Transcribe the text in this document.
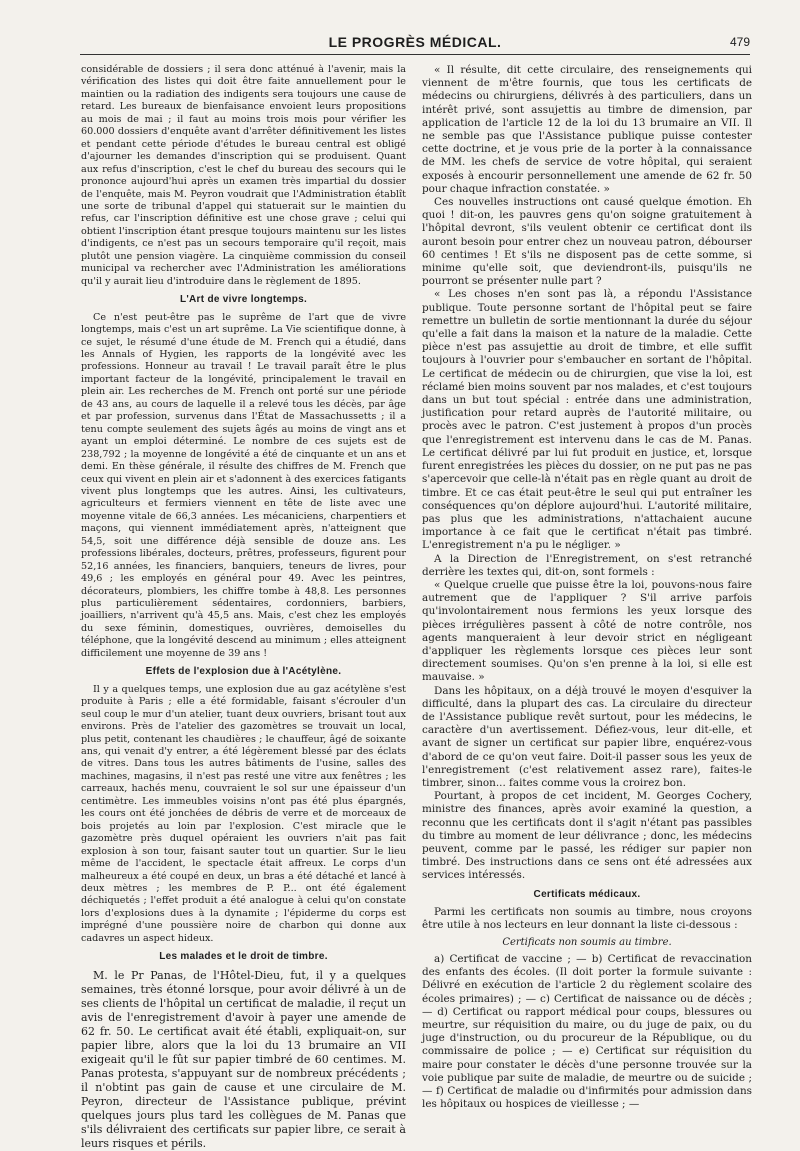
LE PROGRÈS MÉDICAL.	479

considérable de dossiers ; il sera donc atténué à l'avenir, mais la vérification des listes qui doit être faite annuellement pour le maintien ou la radiation des indigents sera toujours une cause de retard. Les bureaux de bienfaisance envoient leurs propositions au mois de mai ; il faut au moins trois mois pour vérifier les 60.000 dossiers d'enquête avant d'arrêter définitivement les listes et pendant cette période d'études le bureau central est obligé d'ajourner les demandes d'inscription qui se produisent. Quant aux refus d'inscription, c'est le chef du bureau des secours qui le prononce aujourd'hui après un examen très impartial du dossier de l'enquête, mais M. Peyron voudrait que l'Administration établît une sorte de tribunal d'appel qui statuerait sur le maintien du refus, car l'inscription définitive est une chose grave ; celui qui obtient l'inscription étant presque toujours maintenu sur les listes d'indigents, ce n'est pas un secours temporaire qu'il reçoit, mais plutôt une pension viagère. La cinquième commission du conseil municipal va rechercher avec l'Administration les améliorations qu'il y aurait lieu d'introduire dans le règlement de 1895.

L'Art de vivre longtemps.

Ce n'est peut-être pas le suprême de l'art que de vivre longtemps, mais c'est un art suprême. La Vie scientifique donne, à ce sujet, le résumé d'une étude de M. French qui a étudié, dans les Annals of Hygien, les rapports de la longévité avec les professions. Honneur au travail ! Le travail paraît être le plus important facteur de la longévité, principalement le travail en plein air. Les recherches de M. French ont porté sur une période de 43 ans, au cours de laquelle il a relevé tous les décès, par âge et par profession, survenus dans l'État de Massachussetts ; il a tenu compte seulement des sujets âgés au moins de vingt ans et ayant un emploi déterminé. Le nombre de ces sujets est de 238,792 ; la moyenne de longévité a été de cinquante et un ans et demi. En thèse générale, il résulte des chiffres de M. French que ceux qui vivent en plein air et s'adonnent à des exercices fatigants vivent plus longtemps que les autres. Ainsi, les cultivateurs, agriculteurs et fermiers viennent en tête de liste avec une moyenne vitale de 66,3 années. Les mécaniciens, charpentiers et maçons, qui viennent immédiatement après, n'atteignent que 54,5, soit une différence déjà sensible de douze ans. Les professions libérales, docteurs, prêtres, professeurs, figurent pour 52,16 années, les financiers, banquiers, teneurs de livres, pour 49,6 ; les employés en général pour 49. Avec les peintres, décorateurs, plombiers, les chiffre tombe à 48,8. Les personnes plus particulièrement sédentaires, cordonniers, barbiers, joailliers, n'arrivent qu'à 45,5 ans. Mais, c'est chez les employés du sexe féminin, domestiques, ouvrières, demoiselles du téléphone, que la longévité descend au minimum ; elles atteignent difficilement une moyenne de 39 ans !

Effets de l'explosion due à l'Acétylène.

Il y a quelques temps, une explosion due au gaz acétylène s'est produite à Paris ; elle a été formidable, faisant s'écrouler d'un seul coup le mur d'un atelier, tuant deux ouvriers, brisant tout aux environs. Près de l'atelier des gazomètres se trouvait un local, plus petit, contenant les chaudières ; le chauffeur, âgé de soixante ans, qui venait d'y entrer, a été légèrement blessé par des éclats de vitres. Dans tous les autres bâtiments de l'usine, salles des machines, magasins, il n'est pas resté une vitre aux fenêtres ; les carreaux, hachés menu, couvraient le sol sur une épaisseur d'un centimètre. Les immeubles voisins n'ont pas été plus épargnés, les cours ont été jonchées de débris de verre et de morceaux de bois projetés au loin par l'explosion. C'est miracle que le gazomètre près duquel opéraient les ouvriers n'ait pas fait explosion à son tour, faisant sauter tout un quartier. Sur le lieu même de l'accident, le spectacle était affreux. Le corps d'un malheureux a été coupé en deux, un bras a été détaché et lancé à deux mètres ; les membres de P. P... ont été également déchiquetés ; l'effet produit a été analogue à celui qu'on constate lors d'explosions dues à la dynamite ; l'épiderme du corps est imprégné d'une poussière noire de charbon qui donne aux cadavres un aspect hideux.

Les malades et le droit de timbre.

M. le Pr Panas, de l'Hôtel-Dieu, fut, il y a quelques semaines, très étonné lorsque, pour avoir délivré à un de ses clients de l'hôpital un certificat de maladie, il reçut un avis de l'enregistrement d'avoir à payer une amende de 62 fr. 50. Le certificat avait été établi, expliquait-on, sur papier libre, alors que la loi du 13 brumaire an VII exigeait qu'il le fût sur papier timbré de 60 centimes. M. Panas protesta, s'appuyant sur de nombreux précédents ; il n'obtint pas gain de cause et une circulaire de M. Peyron, directeur de l'Assistance publique, prévint quelques jours plus tard les collègues de M. Panas que s'ils délivraient des certificats sur papier libre, ce serait à leurs risques et périls.

« Il résulte, dit cette circulaire, des renseignements qui viennent de m'être fournis, que tous les certificats de médecins ou chirurgiens, délivrés à des particuliers, dans un intérêt privé, sont assujettis au timbre de dimension, par application de l'article 12 de la loi du 13 brumaire an VII. Il ne semble pas que l'Assistance publique puisse contester cette doctrine, et je vous prie de la porter à la connaissance de MM. les chefs de service de votre hôpital, qui seraient exposés à encourir personnellement une amende de 62 fr. 50 pour chaque infraction constatée. »

Ces nouvelles instructions ont causé quelque émotion. Eh quoi ! dit-on, les pauvres gens qu'on soigne gratuitement à l'hôpital devront, s'ils veulent obtenir ce certificat dont ils auront besoin pour entrer chez un nouveau patron, débourser 60 centimes ! Et s'ils ne disposent pas de cette somme, si minime qu'elle soit, que deviendront-ils, puisqu'ils ne pourront se présenter nulle part ?

« Les choses n'en sont pas là, a répondu l'Assistance publique. Toute personne sortant de l'hôpital peut se faire remettre un bulletin de sortie mentionnant la durée du séjour qu'elle a fait dans la maison et la nature de la maladie. Cette pièce n'est pas assujettie au droit de timbre, et elle suffit toujours à l'ouvrier pour s'embaucher en sortant de l'hôpital. Le certificat de médecin ou de chirurgien, que vise la loi, est réclamé bien moins souvent par nos malades, et c'est toujours dans un but tout spécial : entrée dans une administration, justification pour retard auprès de l'autorité militaire, ou procès avec le patron. C'est justement à propos d'un procès que l'enregistrement est intervenu dans le cas de M. Panas. Le certificat délivré par lui fut produit en justice, et, lorsque furent enregistrées les pièces du dossier, on ne put pas ne pas s'apercevoir que celle-là n'était pas en règle quant au droit de timbre. Et ce cas était peut-être le seul qui put entraîner les conséquences qu'on déplore aujourd'hui. L'autorité militaire, pas plus que les administrations, n'attachaient aucune importance à ce fait que le certificat n'était pas timbré. L'enregistrement n'a pu le négliger. »

A la Direction de l'Enregistrement, on s'est retranché derrière les textes qui, dit-on, sont formels :

« Quelque cruelle que puisse être la loi, pouvons-nous faire autrement que de l'appliquer ? S'il arrive parfois qu'involontairement nous fermions les yeux lorsque des pièces irrégulières passent à côté de notre contrôle, nos agents manqueraient à leur devoir strict en négligeant d'appliquer les règlements lorsque ces pièces leur sont directement soumises. Qu'on s'en prenne à la loi, si elle est mauvaise. »

Dans les hôpitaux, on a déjà trouvé le moyen d'esquiver la difficulté, dans la plupart des cas. La circulaire du directeur de l'Assistance publique revêt surtout, pour les médecins, le caractère d'un avertissement. Défiez-vous, leur dit-elle, et avant de signer un certificat sur papier libre, enquérez-vous d'abord de ce qu'on veut faire. Doit-il passer sous les yeux de l'enregistrement (c'est relativement assez rare), faites-le timbrer, sinon... faites comme vous la croirez bon.

Pourtant, à propos de cet incident, M. Georges Cochery, ministre des finances, après avoir examiné la question, a reconnu que les certificats dont il s'agit n'étant pas passibles du timbre au moment de leur délivrance ; donc, les médecins peuvent, comme par le passé, les rédiger sur papier non timbré. Des instructions dans ce sens ont été adressées aux services intéressés.

Certificats médicaux.

Parmi les certificats non soumis au timbre, nous croyons être utile à nos lecteurs en leur donnant la liste ci-dessous :

Certificats non soumis au timbre.

a) Certificat de vaccine ; — b) Certificat de revaccination des enfants des écoles. (Il doit porter la formule suivante : Délivré en exécution de l'article 2 du règlement scolaire des écoles primaires) ; — c) Certificat de naissance ou de décès ; — d) Certificat ou rapport médical pour coups, blessures ou meurtre, sur réquisition du maire, ou du juge de paix, ou du juge d'instruction, ou du procureur de la République, ou du commissaire de police ; — e) Certificat sur réquisition du maire pour constater le décès d'une personne trouvée sur la voie publique par suite de maladie, de meurtre ou de suicide ; — f) Certificat de maladie ou d'infirmités pour admission dans les hôpitaux ou hospices de vieillesse ; —
